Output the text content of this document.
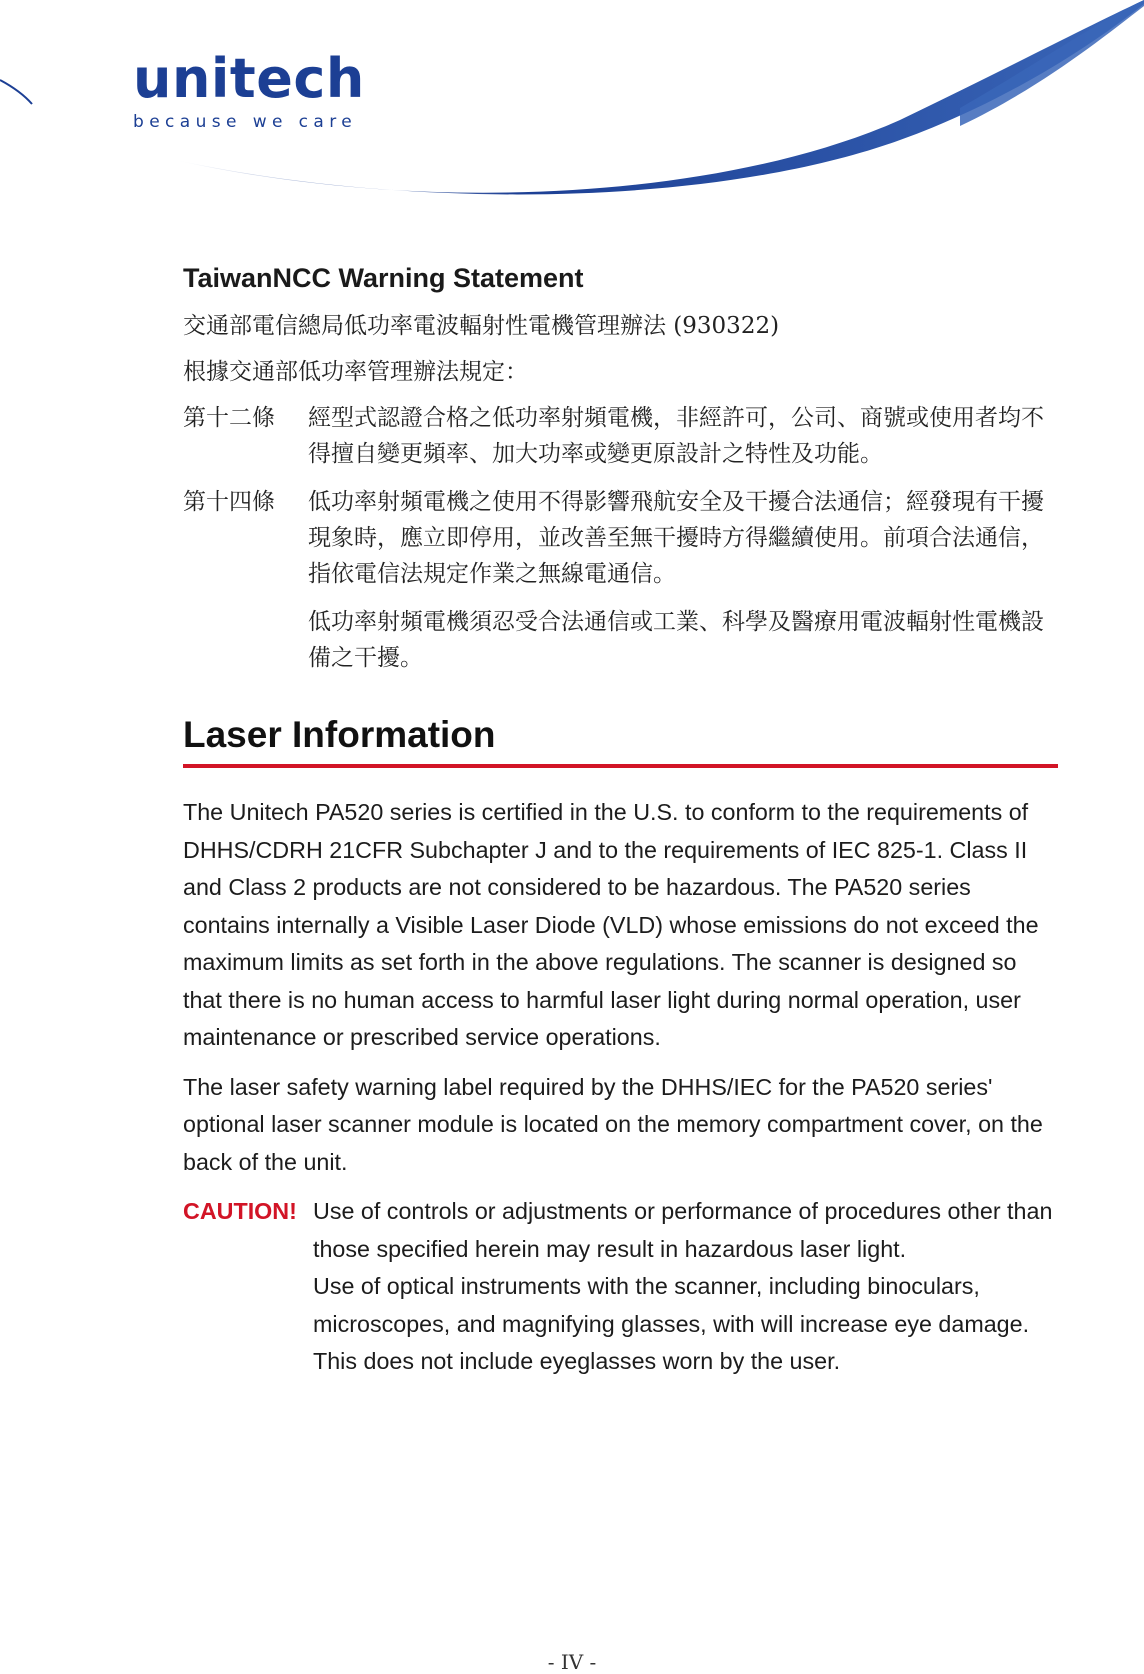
unitech
because we care
TaiwanNCC Warning Statement

交通部電信總局低功率電波輻射性電機管理辦法 (930322)

根據交通部低功率管理辦法規定：

第十二條	經型式認證合格之低功率射頻電機，非經許可，公司、商號或使用者均不得擅自變更頻率、加大功率或變更原設計之特性及功能。

第十四條	低功率射頻電機之使用不得影響飛航安全及干擾合法通信；經發現有干擾現象時，應立即停用，並改善至無干擾時方得繼續使用。前項合法通信，指依電信法規定作業之無線電通信。

低功率射頻電機須忍受合法通信或工業、科學及醫療用電波輻射性電機設備之干擾。

Laser Information

The Unitech PA520 series is certified in the U.S. to conform to the requirements of DHHS/CDRH 21CFR Subchapter J and to the requirements of IEC 825-1. Class II and Class 2 products are not considered to be hazardous. The PA520 series contains internally a Visible Laser Diode (VLD) whose emissions do not exceed the maximum limits as set forth in the above regulations. The scanner is designed so that there is no human access to harmful laser light during normal operation, user maintenance or prescribed service operations.

The laser safety warning label required by the DHHS/IEC for the PA520 series' optional laser scanner module is located on the memory compartment cover, on the back of the unit.

CAUTION! Use of controls or adjustments or performance of procedures other than those specified herein may result in hazardous laser light.

Use of optical instruments with the scanner, including binoculars, microscopes, and magnifying glasses, with will increase eye damage. This does not include eyeglasses worn by the user.

- IV -
